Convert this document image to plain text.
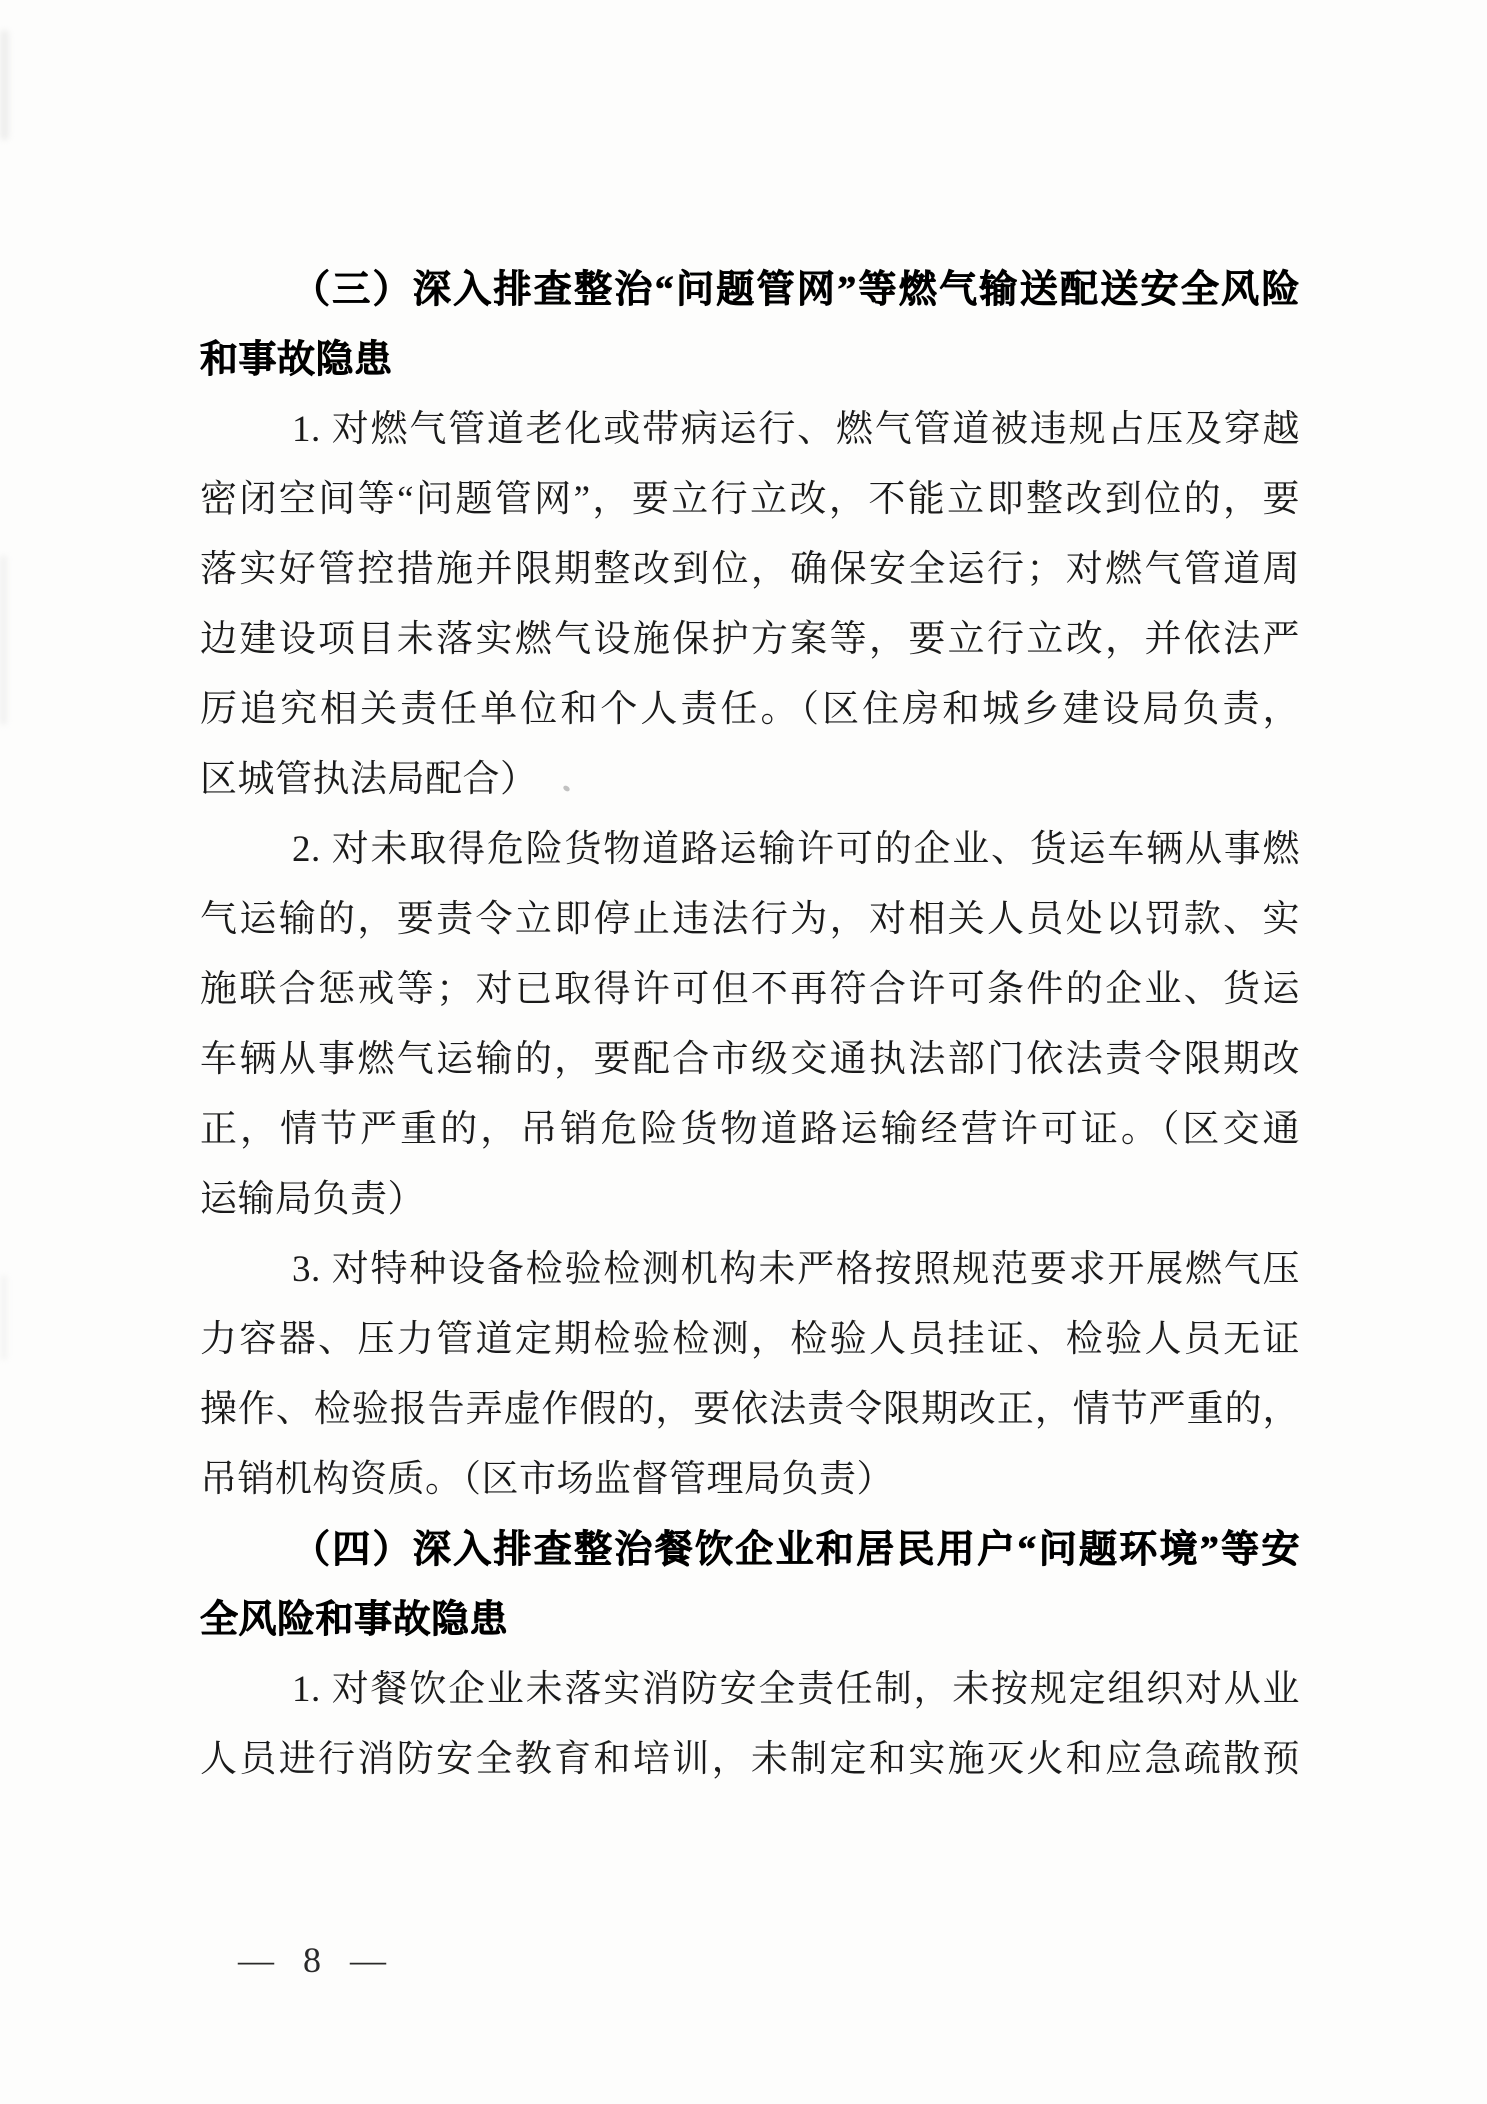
（三）深入排查整治“问题管网”等燃气输送配送安全风险
和事故隐患
1. 对燃气管道老化或带病运行、燃气管道被违规占压及穿越
密闭空间等“问题管网”，要立行立改，不能立即整改到位的，要
落实好管控措施并限期整改到位，确保安全运行；对燃气管道周
边建设项目未落实燃气设施保护方案等，要立行立改，并依法严
厉追究相关责任单位和个人责任。（区住房和城乡建设局负责，
区城管执法局配合）
2. 对未取得危险货物道路运输许可的企业、货运车辆从事燃
气运输的，要责令立即停止违法行为，对相关人员处以罚款、实
施联合惩戒等；对已取得许可但不再符合许可条件的企业、货运
车辆从事燃气运输的，要配合市级交通执法部门依法责令限期改
正，情节严重的，吊销危险货物道路运输经营许可证。（区交通
运输局负责）
3. 对特种设备检验检测机构未严格按照规范要求开展燃气压
力容器、压力管道定期检验检测，检验人员挂证、检验人员无证
操作、检验报告弄虚作假的，要依法责令限期改正，情节严重的，
吊销机构资质。（区市场监督管理局负责）
（四）深入排查整治餐饮企业和居民用户“问题环境”等安
全风险和事故隐患
1. 对餐饮企业未落实消防安全责任制，未按规定组织对从业
人员进行消防安全教育和培训，未制定和实施灭火和应急疏散预
— 8 —
